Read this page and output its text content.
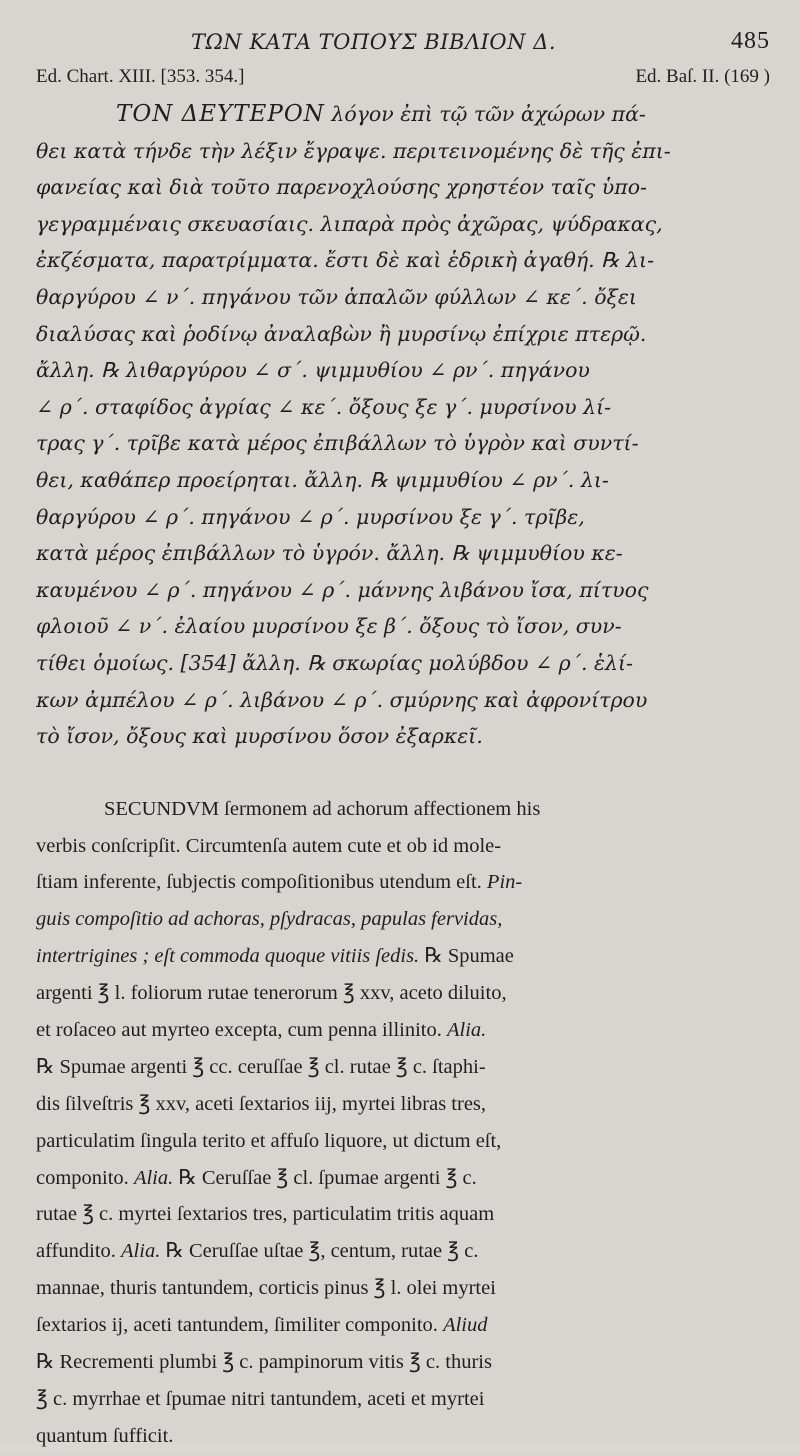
ΤΩΝ ΚΑΤΑ ΤΟΠΟΥΣ ΒΙΒΛΙΟΝ Δ.	485
Ed. Chart. XIII. [353. 354.]	Ed. Baſ. II. (169 )
ΤΟΝ ΔΕΥΤΕΡΟΝ λόγον ἐπὶ τῷ τῶν ἀχώρων πά-
θει κατὰ τήνδε τὴν λέξιν ἔγραψε. περιτεινομένης δὲ τῆς ἐπι-
φανείας καὶ διὰ τοῦτο παρενοχλούσης χρηστέον ταῖς ὑπο-
γεγραμμέναις σκευασίαις. λιπαρὰ πρὸς ἀχῶρας, ψύδρακας,
ἐκζέσματα, παρατρίμματα. ἔστι δὲ καὶ ἑδρικὴ ἀγαθή. ℞ λι-
θαργύρου ∠ ν΄. πηγάνου τῶν ἁπαλῶν φύλλων ∠ κε΄. ὄξει
διαλύσας καὶ ῥοδίνῳ ἀναλαβὼν ἢ μυρσίνῳ ἐπίχριε πτερῷ.
ἄλλη. ℞ λιθαργύρου ∠ σ΄. ψιμμυθίου ∠ ρν΄. πηγάνου
∠ ρ΄. σταφίδος ἀγρίας ∠ κε΄. ὄξους ξε γ΄. μυρσίνου λί-
τρας γ΄. τρῖβε κατὰ μέρος ἐπιβάλλων τὸ ὑγρὸν καὶ συντί-
θει, καθάπερ προείρηται. ἄλλη. ℞ ψιμμυθίου ∠ ρν΄. λι-
θαργύρου ∠ ρ΄. πηγάνου ∠ ρ΄. μυρσίνου ξε γ΄. τρῖβε,
κατὰ μέρος ἐπιβάλλων τὸ ὑγρόν. ἄλλη. ℞ ψιμμυθίου κε-
καυμένου ∠ ρ΄. πηγάνου ∠ ρ΄. μάννης λιβάνου ἴσα, πίτυος
φλοιοῦ ∠ ν΄. ἐλαίου μυρσίνου ξε β΄. ὄξους τὸ ἴσον, συν-
τίθει ὁμοίως. [354] ἄλλη. ℞ σκωρίας μολύβδου ∠ ρ΄. ἑλί-
κων ἀμπέλου ∠ ρ΄. λιβάνου ∠ ρ΄. σμύρνης καὶ ἀφρονίτρου
τὸ ἴσον, ὄξους καὶ μυρσίνου ὅσον ἐξαρκεῖ.
SECUNDVM ſermonem ad achorum affectionem his
verbis conſcripſit. Circumtenſa autem cute et ob id mole-
ſtiam inferente, ſubjectis compoſitionibus utendum eſt. Pin-
guis compoſitio ad achoras, pſydracas, papulas fervidas,
intertrigines ; eſt commoda quoque vitiis ſedis. ℞ Spumae
argenti ℥ l. foliorum rutae tenerorum ℥ xxv, aceto diluito,
et roſaceo aut myrteo excepta, cum penna illinito. Alia.
℞ Spumae argenti ℥ cc. ceruſſae ℥ cl. rutae ℥ c. ſtaphi-
dis ſilveſtris ℥ xxv, aceti ſextarios iij, myrtei libras tres,
particulatim ſingula terito et affuſo liquore, ut dictum eſt,
componito. Alia. ℞ Ceruſſae ℥ cl. ſpumae argenti ℥ c.
rutae ℥ c. myrtei ſextarios tres, particulatim tritis aquam
affundito. Alia. ℞ Ceruſſae uſtae ℥, centum, rutae ℥ c.
mannae, thuris tantundem, corticis pinus ℥ l. olei myrtei
ſextarios ij, aceti tantundem, ſimiliter componito. Aliud
℞ Recrementi plumbi ℥ c. pampinorum vitis ℥ c. thuris
℥ c. myrrhae et ſpumae nitri tantundem, aceti et myrtei
quantum ſufficit.
